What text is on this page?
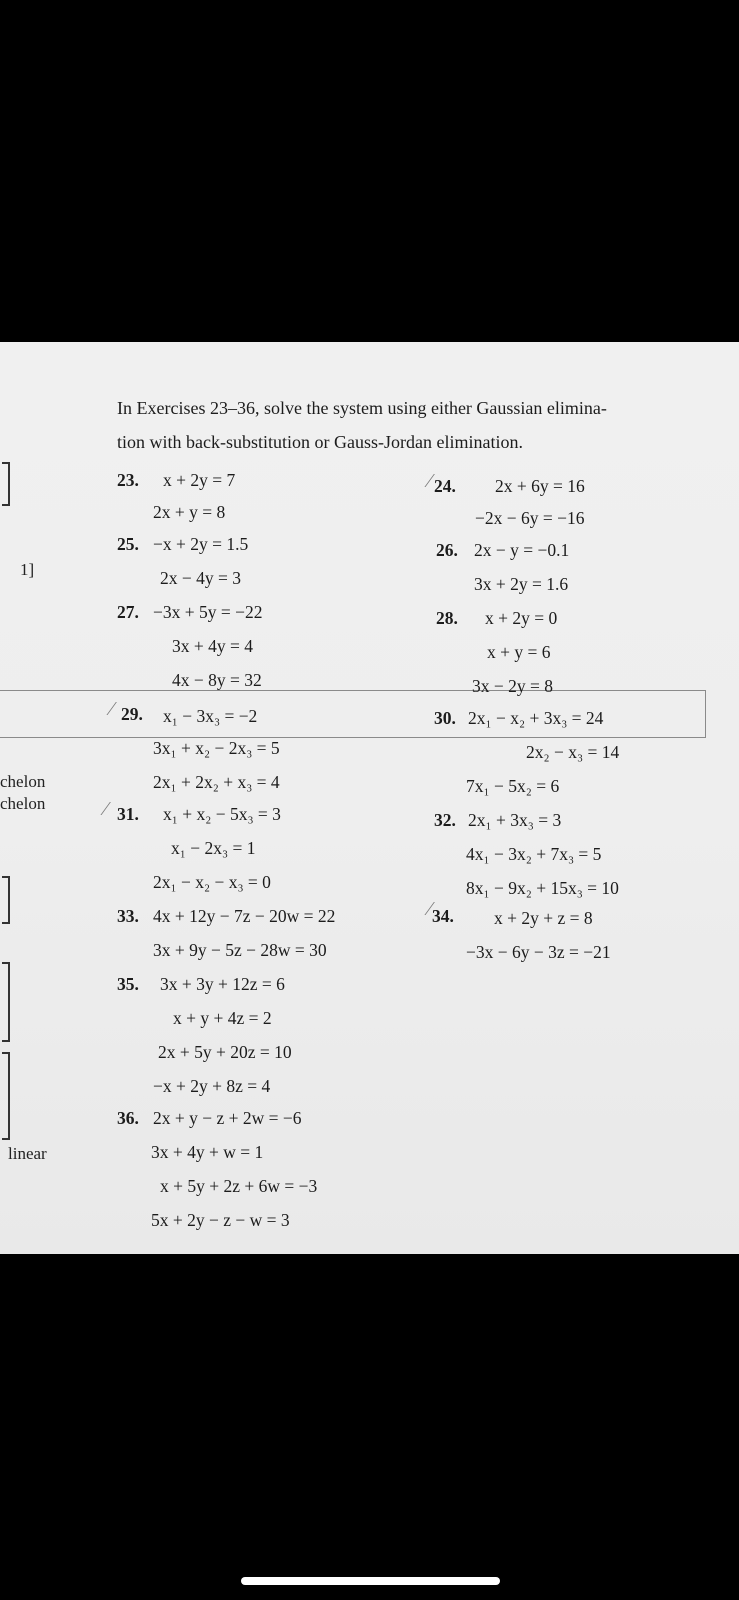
1]
chelon
chelon
linear
In Exercises 23–36, solve the system using either Gaussian elimina-
tion with back-substitution or Gauss-Jordan elimination.
23. x + 2y = 7
2x + y = 8
24.
⁄	2x + 6y = 16
−2x − 6y = −16
25. −x + 2y = 1.5
2x − 4y = 3
26. 2x − y = −0.1
3x + 2y = 1.6
27. −3x + 5y = −22
3x + 4y = 4
4x − 8y = 32
28. x + 2y = 0
x + y = 6
3x − 2y = 8
29.
⁄	x₁ − 3x₃ = −2
3x₁ + x₂ − 2x₃ = 5
2x₁ + 2x₂ + x₃ = 4
30. 2x₁ − x₂ + 3x₃ = 24
2x₂ − x₃ = 14
7x₁ − 5x₂ = 6
31.
⁄	x₁ + x₂ − 5x₃ = 3
x₁ − 2x₃ = 1
2x₁ − x₂ − x₃ = 0
32. 2x₁ + 3x₃ = 3
4x₁ − 3x₂ + 7x₃ = 5
8x₁ − 9x₂ + 15x₃ = 10
33. 4x + 12y − 7z − 20w = 22
3x + 9y − 5z − 28w = 30
34.
⁄	x + 2y + z = 8
−3x − 6y − 3z = −21
35. 3x + 3y + 12z = 6
x + y + 4z = 2
2x + 5y + 20z = 10
−x + 2y + 8z = 4
36. 2x + y − z + 2w = −6
3x + 4y + w = 1
x + 5y + 2z + 6w = −3
5x + 2y − z − w = 3
